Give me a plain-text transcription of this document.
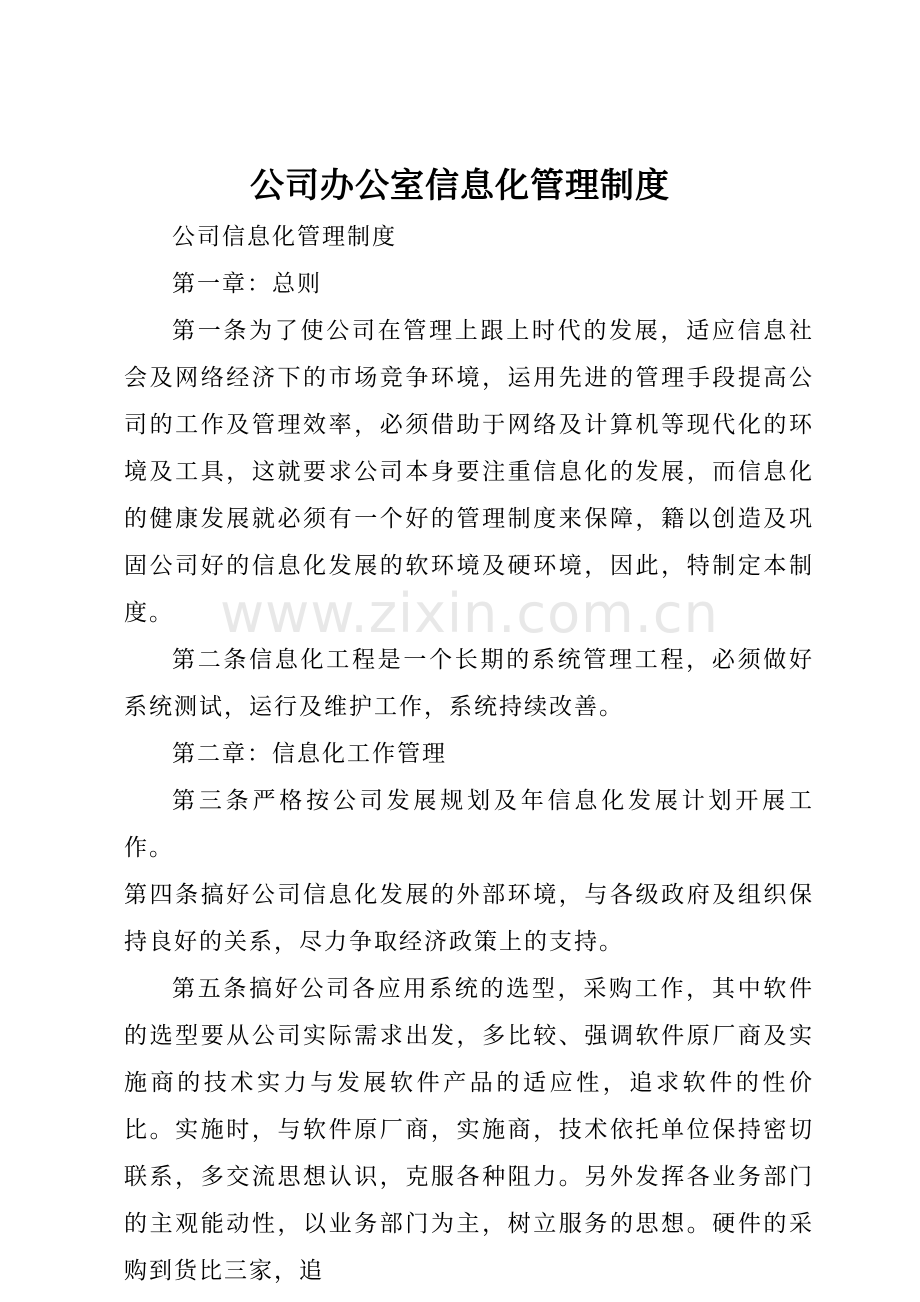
公司办公室信息化管理制度

公司信息化管理制度

第一章：总则

第一条为了使公司在管理上跟上时代的发展，适应信息社会及网络经济下的市场竞争环境，运用先进的管理手段提高公司的工作及管理效率，必须借助于网络及计算机等现代化的环境及工具，这就要求公司本身要注重信息化的发展，而信息化的健康发展就必须有一个好的管理制度来保障，籍以创造及巩固公司好的信息化发展的软环境及硬环境，因此，特制定本制度。

第二条信息化工程是一个长期的系统管理工程，必须做好系统测试，运行及维护工作，系统持续改善。

第二章：信息化工作管理

第三条严格按公司发展规划及年信息化发展计划开展工作。

第四条搞好公司信息化发展的外部环境，与各级政府及组织保持良好的关系，尽力争取经济政策上的支持。

第五条搞好公司各应用系统的选型，采购工作，其中软件的选型要从公司实际需求出发，多比较、强调软件原厂商及实施商的技术实力与发展软件产品的适应性，追求软件的性价比。实施时，与软件原厂商，实施商，技术依托单位保持密切联系，多交流思想认识，克服各种阻力。另外发挥各业务部门的主观能动性，以业务部门为主，树立服务的思想。硬件的采购到货比三家，追

www.zixin.com.cn
